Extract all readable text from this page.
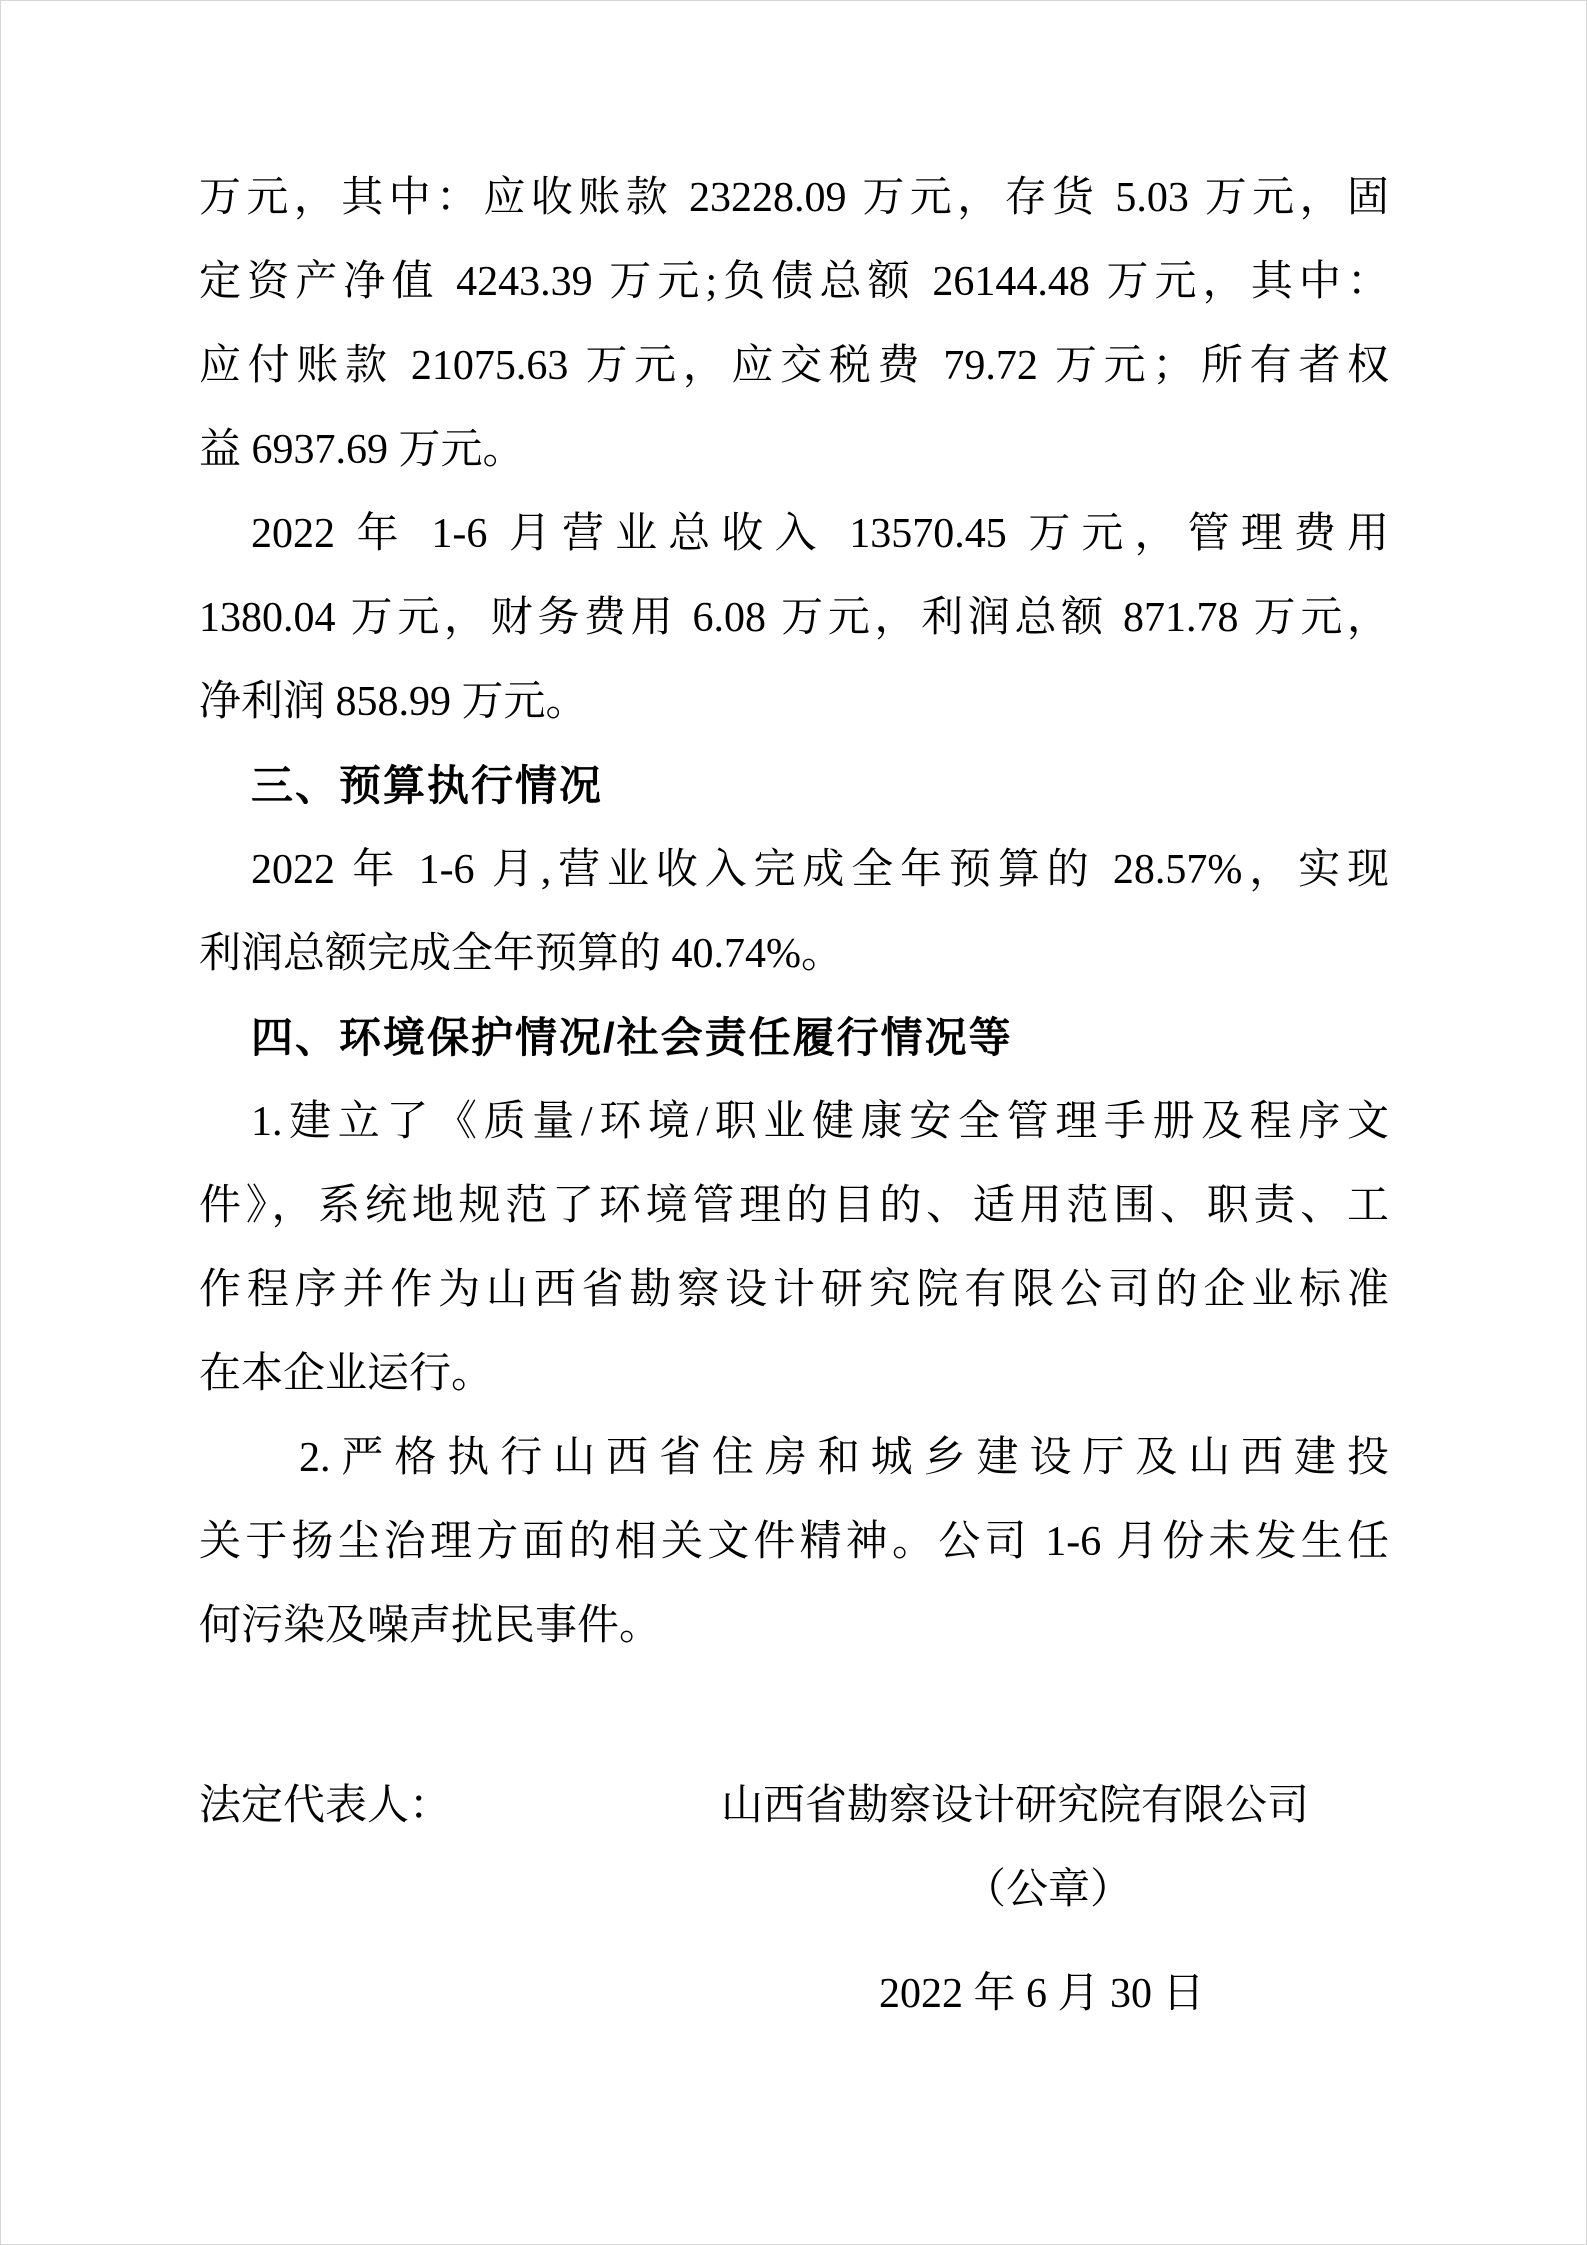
万元，其中：应收账款 23228.09 万元，存货 5.03 万元，固
定资产净值 4243.39 万元;负债总额 26144.48 万元，其中：
应付账款 21075.63 万元，应交税费 79.72 万元；所有者权
益 6937.69 万元。
2022 年 1-6 月营业总收入 13570.45 万元，管理费用
1380.04 万元，财务费用 6.08 万元，利润总额 871.78 万元，
净利润 858.99 万元。
三、预算执行情况
2022 年 1-6 月,营业收入完成全年预算的 28.57%，实现
利润总额完成全年预算的 40.74%。
四、环境保护情况/社会责任履行情况等
1.建立了《质量/环境/职业健康安全管理手册及程序文
件》，系统地规范了环境管理的目的、适用范围、职责、工
作程序并作为山西省勘察设计研究院有限公司的企业标准
在本企业运行。
2.严格执行山西省住房和城乡建设厅及山西建投
关于扬尘治理方面的相关文件精神。公司 1-6 月份未发生任
何污染及噪声扰民事件。
法定代表人：	山西省勘察设计研究院有限公司
（公章）
2022 年 6 月 30 日
